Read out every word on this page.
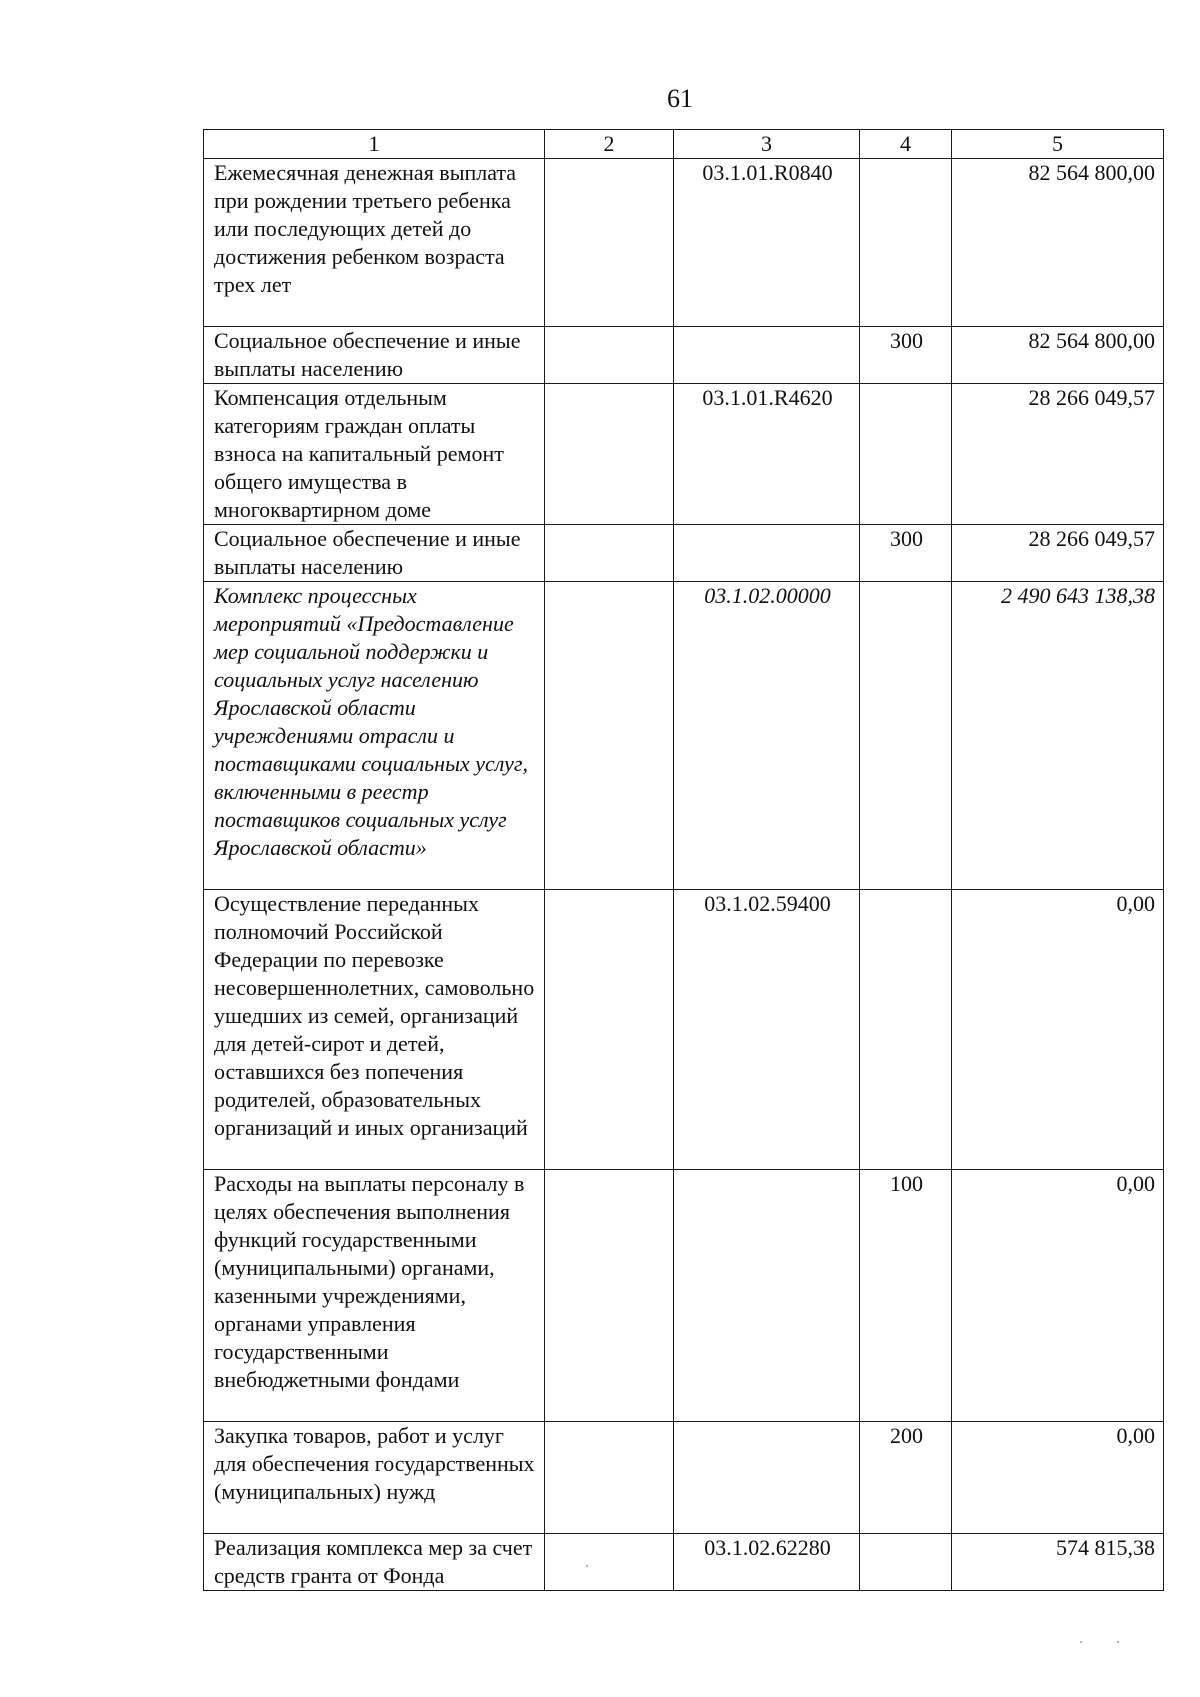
61
1	2	3	4	5
Ежемесячная денежная выплата при рождении третьего ребенка или последующих детей до достижения ребенком возраста трех лет		03.1.01.R0840		82 564 800,00
Социальное обеспечение и иные выплаты населению			300	82 564 800,00
Компенсация отдельным категориям граждан оплаты взноса на капитальный ремонт общего имущества в многоквартирном доме		03.1.01.R4620		28 266 049,57
Социальное обеспечение и иные выплаты населению			300	28 266 049,57
Комплекс процессных мероприятий «Предоставление мер социальной поддержки и социальных услуг населению Ярославской области учреждениями отрасли и поставщиками социальных услуг, включенными в реестр поставщиков социальных услуг Ярославской области»		03.1.02.00000		2 490 643 138,38
Осуществление переданных полномочий Российской Федерации по перевозке несовершеннолетних, самовольно ушедших из семей, организаций для детей-сирот и детей, оставшихся без попечения родителей, образовательных организаций и иных организаций		03.1.02.59400		0,00
Расходы на выплаты персоналу в целях обеспечения выполнения функций государственными (муниципальными) органами, казенными учреждениями, органами управления государственными внебюджетными фондами			100	0,00
Закупка товаров, работ и услуг для обеспечения государственных (муниципальных) нужд			200	0,00
Реализация комплекса мер за счет средств гранта от Фонда		03.1.02.62280		574 815,38
